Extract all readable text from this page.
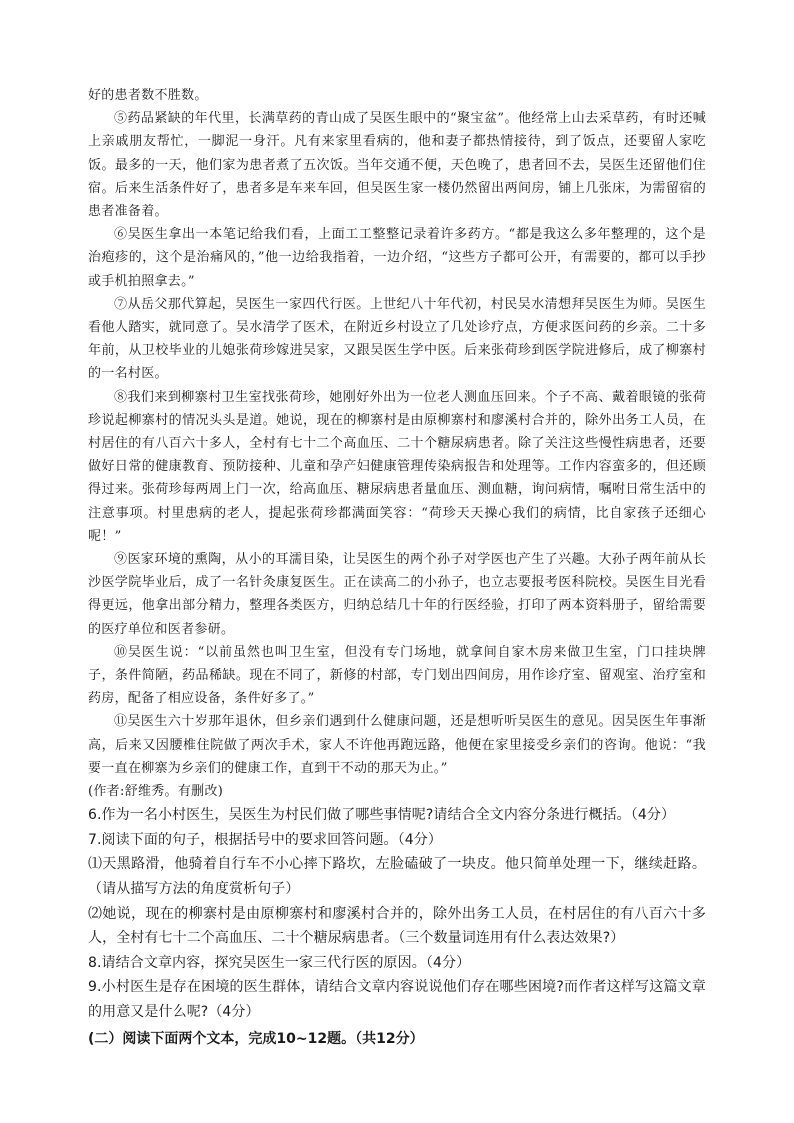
好的患者数不胜数。

⑤药品紧缺的年代里，长满草药的青山成了吴医生眼中的“聚宝盆”。他经常上山去采草药，有时还喊上亲戚朋友帮忙，一脚泥一身汗。凡有来家里看病的，他和妻子都热情接待，到了饭点，还要留人家吃饭。最多的一天，他们家为患者煮了五次饭。当年交通不便，天色晚了，患者回不去，吴医生还留他们住宿。后来生活条件好了，患者多是车来车回，但吴医生家一楼仍然留出两间房，铺上几张床，为需留宿的患者准备着。

⑥吴医生拿出一本笔记给我们看，上面工工整整记录着许多药方。“都是我这么多年整理的，这个是治疱疹的，这个是治痛风的，”他一边给我指着，一边介绍，“这些方子都可公开，有需要的，都可以手抄或手机拍照拿去。”

⑦从岳父那代算起，吴医生一家四代行医。上世纪八十年代初，村民吴水清想拜吴医生为师。吴医生看他人踏实，就同意了。吴水清学了医术，在附近乡村设立了几处诊疗点，方便求医问药的乡亲。二十多年前，从卫校毕业的儿媳张荷珍嫁进吴家，又跟吴医生学中医。后来张荷珍到医学院进修后，成了柳寨村的一名村医。

⑧我们来到柳寨村卫生室找张荷珍，她刚好外出为一位老人测血压回来。个子不高、戴着眼镜的张荷珍说起柳寨村的情况头头是道。她说，现在的柳寨村是由原柳寨村和廖溪村合并的，除外出务工人员，在村居住的有八百六十多人，全村有七十二个高血压、二十个糖尿病患者。除了关注这些慢性病患者，还要做好日常的健康教育、预防接种、儿童和孕产妇健康管理传染病报告和处理等。工作内容蛮多的，但还顾得过来。张荷珍每两周上门一次，给高血压、糖尿病患者量血压、测血糖，询问病情，嘱咐日常生活中的注意事项。村里患病的老人，提起张荷珍都满面笑容：“荷珍天天操心我们的病情，比自家孩子还细心呢！”

⑨医家环境的熏陶，从小的耳濡目染，让吴医生的两个孙子对学医也产生了兴趣。大孙子两年前从长沙医学院毕业后，成了一名针灸康复医生。正在读高二的小孙子，也立志要报考医科院校。吴医生目光看得更远，他拿出部分精力，整理各类医方，归纳总结几十年的行医经验，打印了两本资料册子，留给需要的医疗单位和医者参研。

⑩吴医生说：“以前虽然也叫卫生室，但没有专门场地，就拿间自家木房来做卫生室，门口挂块牌子，条件简陋，药品稀缺。现在不同了，新修的村部，专门划出四间房，用作诊疗室、留观室、治疗室和药房，配备了相应设备，条件好多了。”

⑪吴医生六十岁那年退休，但乡亲们遇到什么健康问题，还是想听听吴医生的意见。因吴医生年事渐高，后来又因腰椎住院做了两次手术，家人不许他再跑远路，他便在家里接受乡亲们的咨询。他说：“我要一直在柳寨为乡亲们的健康工作，直到干不动的那天为止。”

(作者:舒维秀。有删改)

6.作为一名小村医生，吴医生为村民们做了哪些事情呢?请结合全文内容分条进行概括。（4分）

7.阅读下面的句子，根据括号中的要求回答问题。（4分）

⑴天黑路滑，他骑着自行车不小心摔下路坎，左脸磕破了一块皮。他只简单处理一下，继续赶路。（请从描写方法的角度赏析句子）

⑵她说，现在的柳寨村是由原柳寨村和廖溪村合并的，除外出务工人员，在村居住的有八百六十多人，全村有七十二个高血压、二十个糖尿病患者。（三个数量词连用有什么表达效果?）

8.请结合文章内容，探究吴医生一家三代行医的原因。（4分）

9.小村医生是存在困境的医生群体，请结合文章内容说说他们存在哪些困境?而作者这样写这篇文章的用意又是什么呢?（4分）

(二）阅读下面两个文本，完成10~12题。（共12分）
